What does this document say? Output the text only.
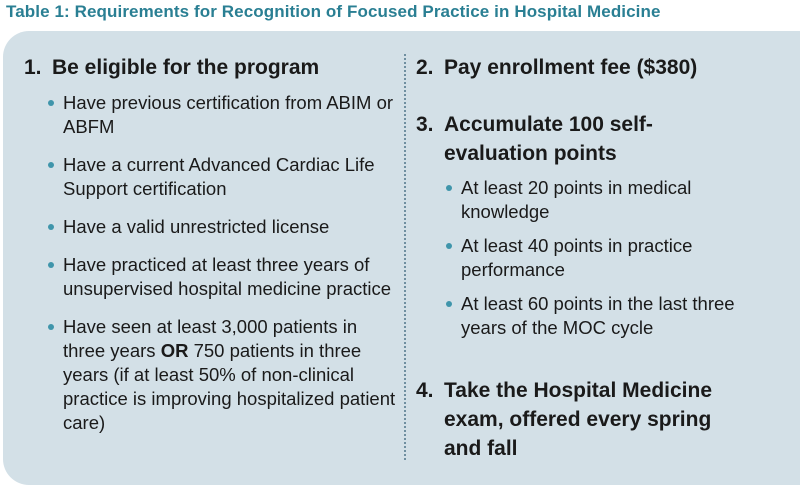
Table 1: Requirements for Recognition of Focused Practice in Hospital Medicine
1. Be eligible for the program
Have previous certification from ABIM or ABFM
Have a current Advanced Cardiac Life Support certification
Have a valid unrestricted license
Have practiced at least three years of unsupervised hospital medicine practice
Have seen at least 3,000 patients in three years OR 750 patients in three years (if at least 50% of non-clinical practice is improving hospitalized patient care)
2. Pay enrollment fee ($380)
3. Accumulate 100 self-evaluation points
At least 20 points in medical knowledge
At least 40 points in practice performance
At least 60 points in the last three years of the MOC cycle
4. Take the Hospital Medicine exam, offered every spring and fall
